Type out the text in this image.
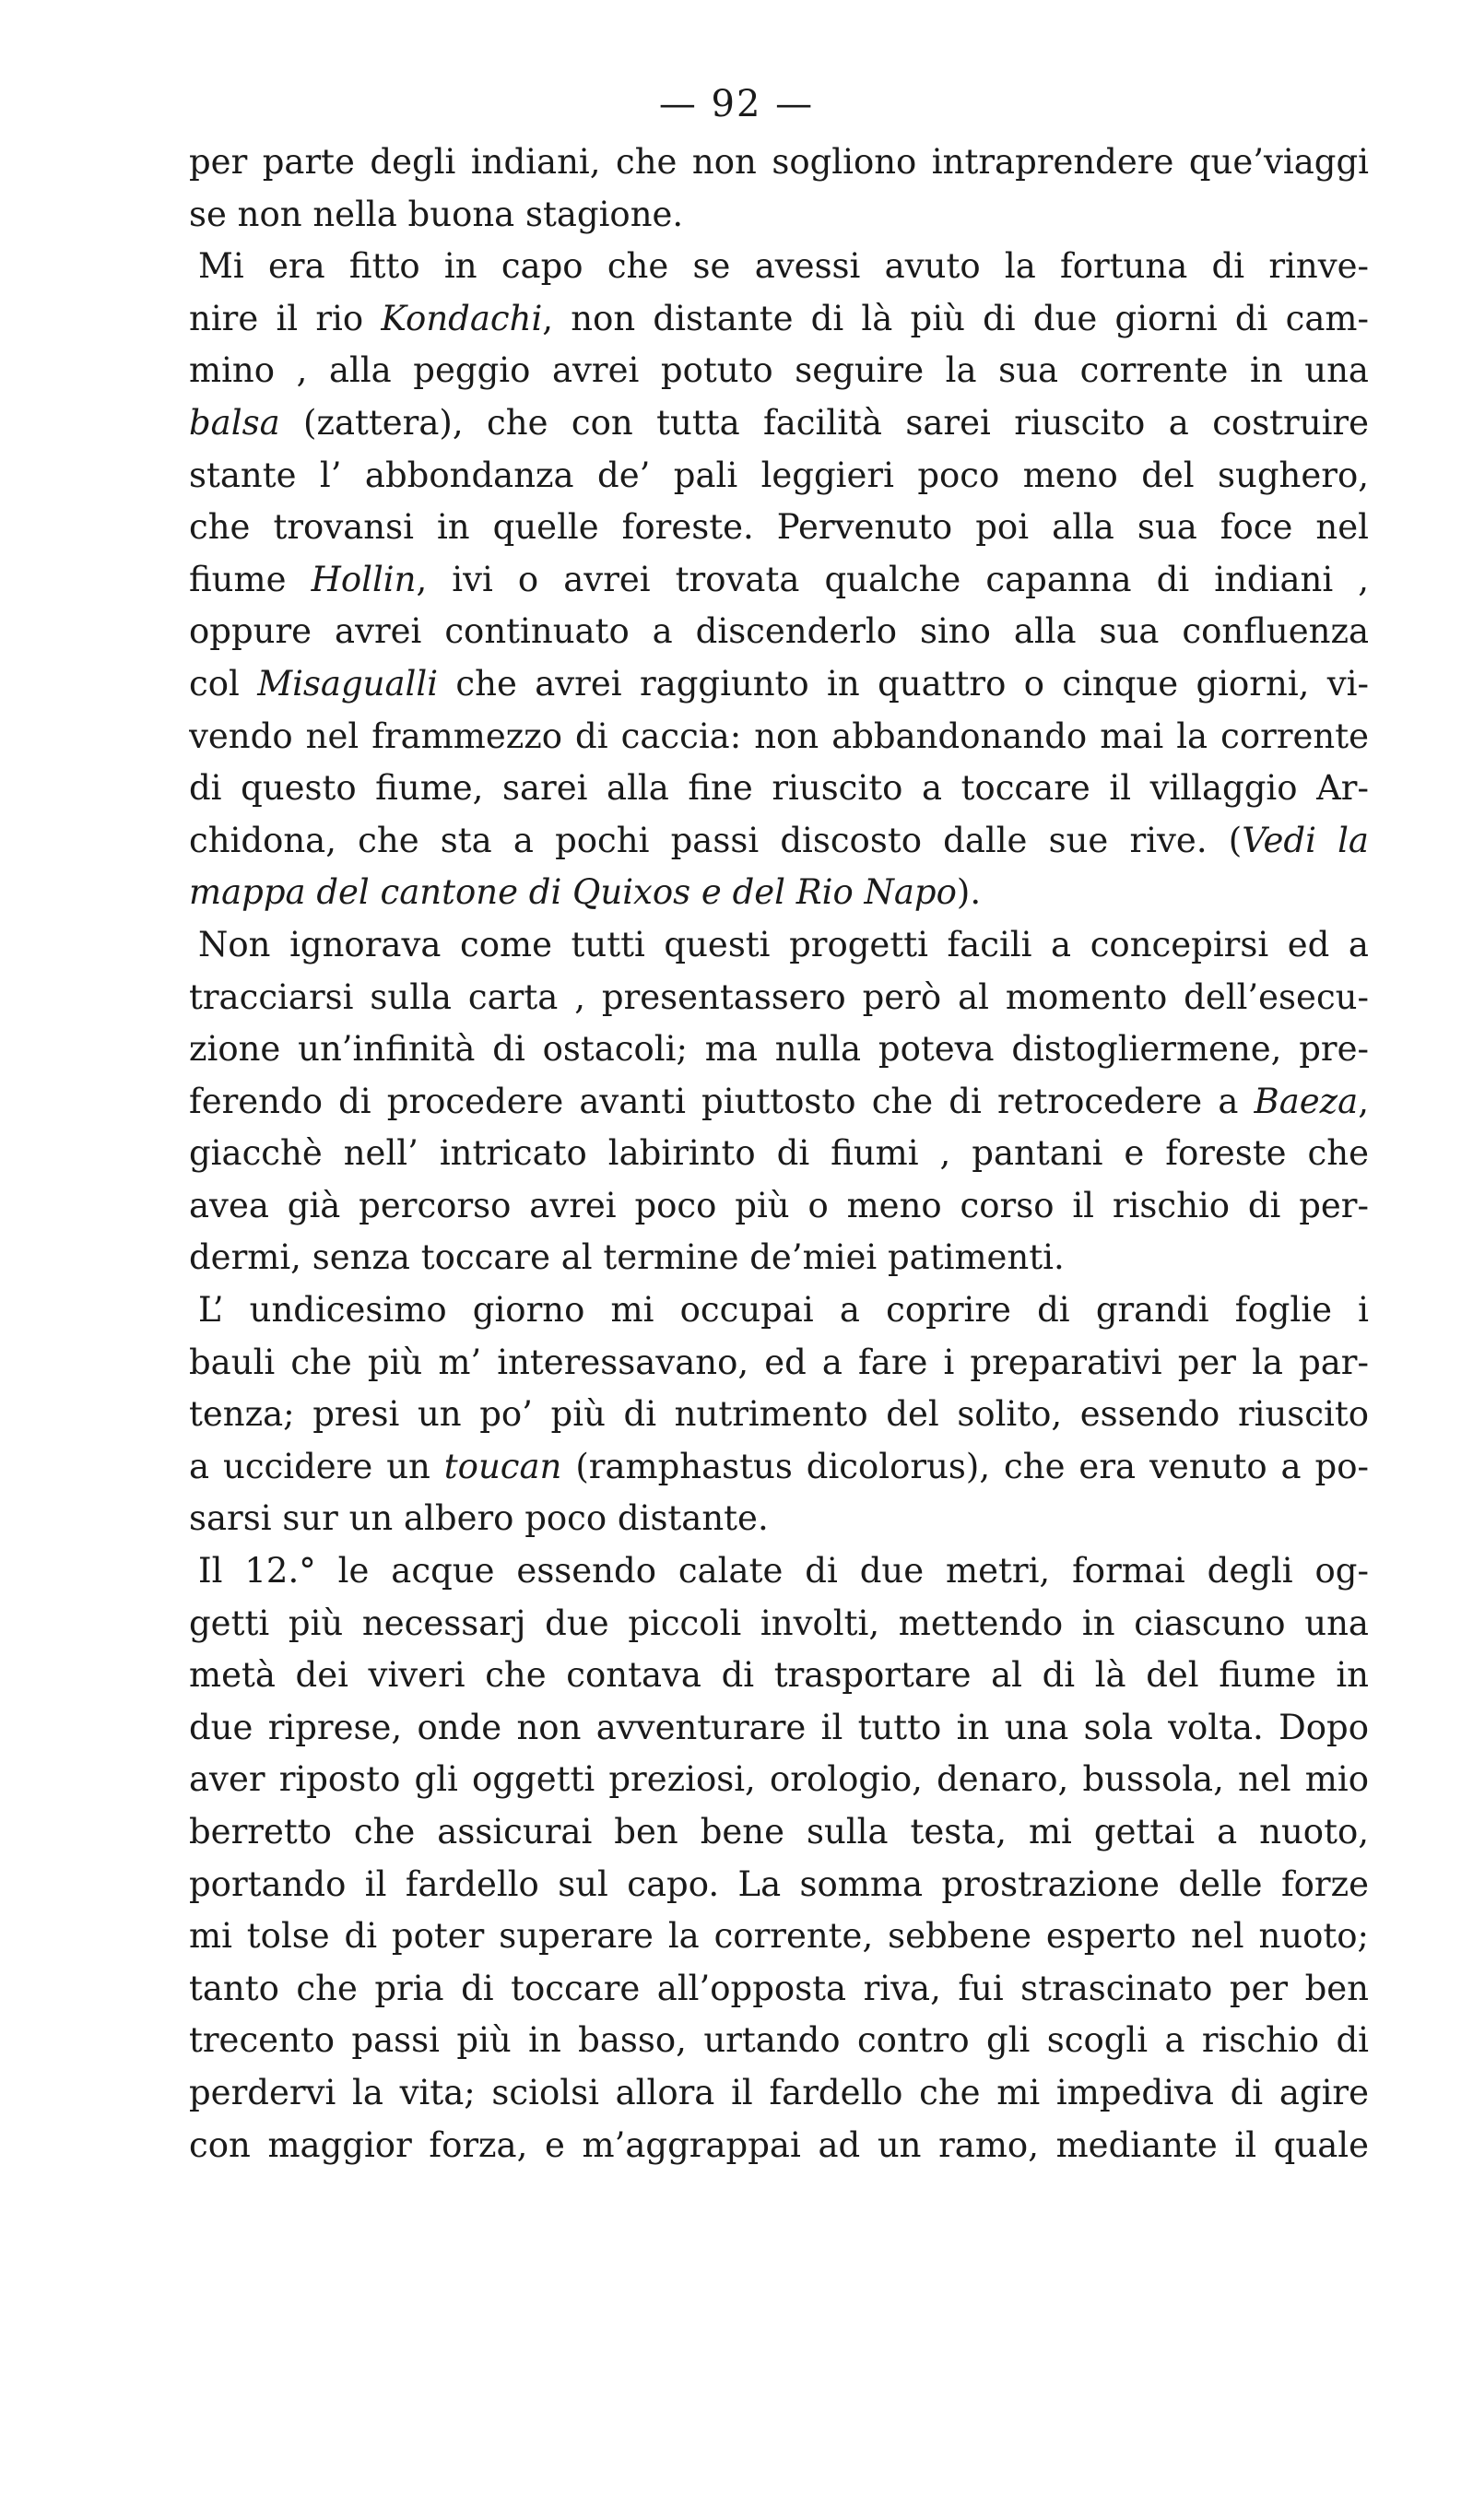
— 92 —
per parte degli indiani, che non sogliono intraprendere que’viaggi
se non nella buona stagione.
Mi era fitto in capo che se avessi avuto la fortuna di rinve-
nire il rio Kondachi, non distante di là più di due giorni di cam-
mino , alla peggio avrei potuto seguire la sua corrente in una
balsa (zattera), che con tutta facilità sarei riuscito a costruire
stante l’ abbondanza de’ pali leggieri poco meno del sughero,
che trovansi in quelle foreste. Pervenuto poi alla sua foce nel
fiume Hollin, ivi o avrei trovata qualche capanna di indiani ,
oppure avrei continuato a discenderlo sino alla sua confluenza
col Misagualli che avrei raggiunto in quattro o cinque giorni, vi-
vendo nel frammezzo di caccia: non abbandonando mai la corrente
di questo fiume, sarei alla fine riuscito a toccare il villaggio Ar-
chidona, che sta a pochi passi discosto dalle sue rive. (Vedi la
mappa del cantone di Quixos e del Rio Napo).
Non ignorava come tutti questi progetti facili a concepirsi ed a
tracciarsi sulla carta , presentassero però al momento dell’esecu-
zione un’infinità di ostacoli; ma nulla poteva distogliermene, pre-
ferendo di procedere avanti piuttosto che di retrocedere a Baeza,
giacchè nell’ intricato labirinto di fiumi , pantani e foreste che
avea già percorso avrei poco più o meno corso il rischio di per-
dermi, senza toccare al termine de’miei patimenti.
L’ undicesimo giorno mi occupai a coprire di grandi foglie i
bauli che più m’ interessavano, ed a fare i preparativi per la par-
tenza; presi un po’ più di nutrimento del solito, essendo riuscito
a uccidere un toucan (ramphastus dicolorus), che era venuto a po-
sarsi sur un albero poco distante.
Il 12.° le acque essendo calate di due metri, formai degli og-
getti più necessarj due piccoli involti, mettendo in ciascuno una
metà dei viveri che contava di trasportare al di là del fiume in
due riprese, onde non avventurare il tutto in una sola volta. Dopo
aver riposto gli oggetti preziosi, orologio, denaro, bussola, nel mio
berretto che assicurai ben bene sulla testa, mi gettai a nuoto,
portando il fardello sul capo. La somma prostrazione delle forze
mi tolse di poter superare la corrente, sebbene esperto nel nuoto;
tanto che pria di toccare all’opposta riva, fui strascinato per ben
trecento passi più in basso, urtando contro gli scogli a rischio di
perdervi la vita; sciolsi allora il fardello che mi impediva di agire
con maggior forza, e m’aggrappai ad un ramo, mediante il quale
